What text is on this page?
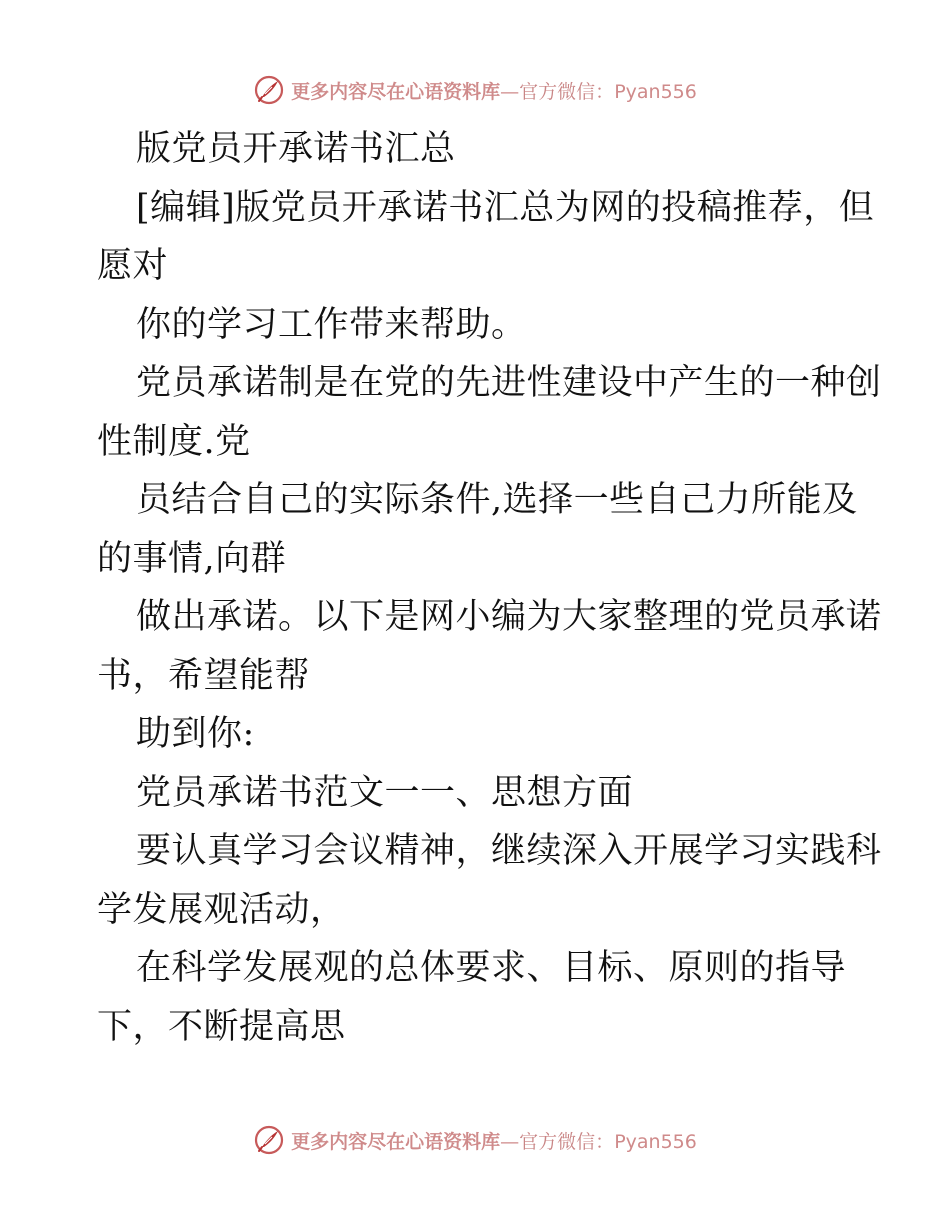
更多内容尽在心语资料库—官方微信：Pyan556
版党员开承诺书汇总
[编辑]版党员开承诺书汇总为网的投稿推荐，但
愿对
你的学习工作带来帮助。
党员承诺制是在党的先进性建设中产生的一种创
性制度.党
员结合自己的实际条件,选择一些自己力所能及
的事情,向群
做出承诺。以下是网小编为大家整理的党员承诺
书，希望能帮
助到你:
党员承诺书范文一一、思想方面
要认真学习会议精神，继续深入开展学习实践科
学发展观活动，
在科学发展观的总体要求、目标、原则的指导
下，不断提高思
更多内容尽在心语资料库—官方微信：Pyan556
